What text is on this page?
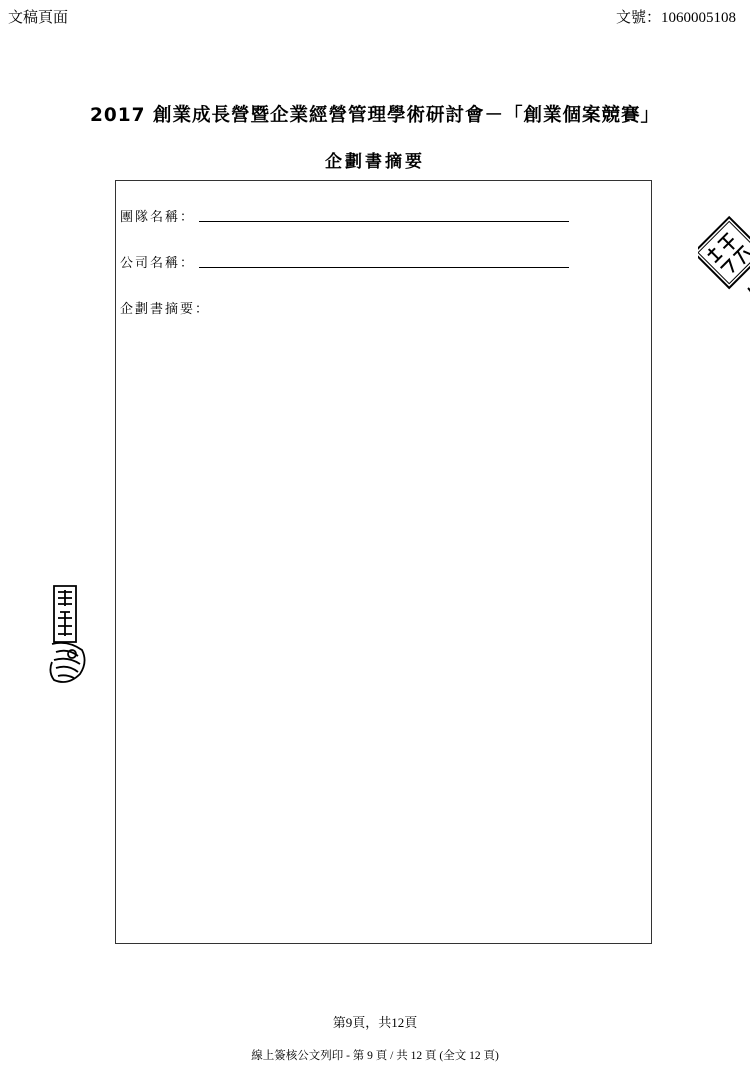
文稿頁面	文號：1060005108
2017 創業成長營暨企業經營管理學術研討會－「創業個案競賽」
企劃書摘要
團隊名稱：
公司名稱：
企劃書摘要：
第9頁，共12頁
線上簽核公文列印 - 第 9 頁 / 共 12 頁 (全文 12 頁)
